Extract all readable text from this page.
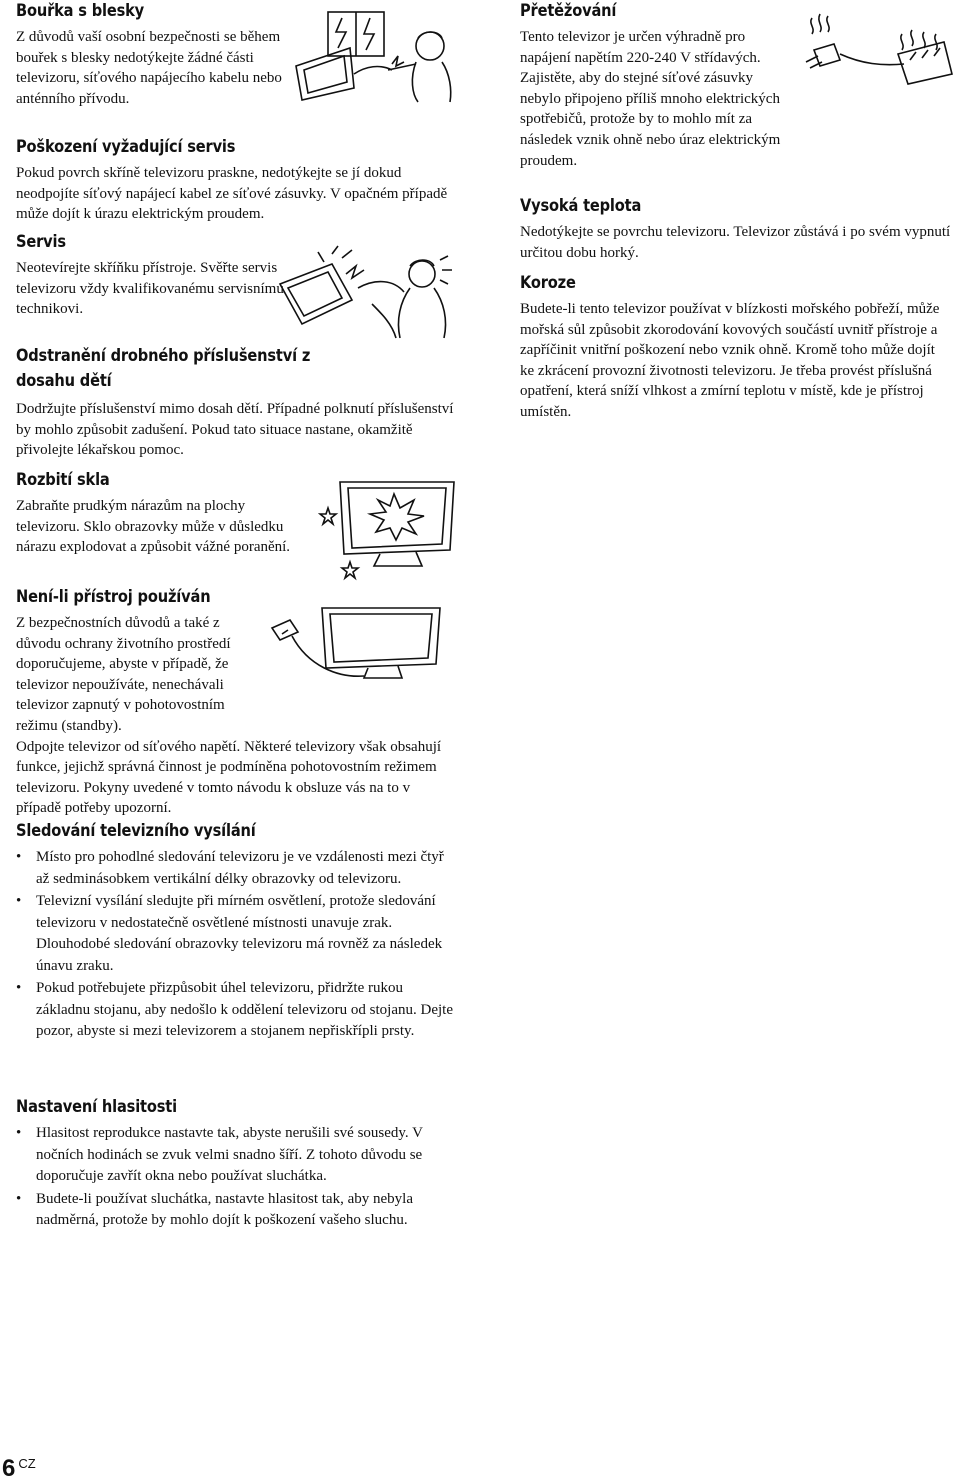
Bouřka s blesky

Z důvodů vaší osobní bezpečnosti se během bouřek s blesky nedotýkejte žádné části televizoru, síťového napájecího kabelu nebo anténního přívodu.

Poškození vyžadující servis

Pokud povrch skříně televizoru praskne, nedotýkejte se jí dokud neodpojíte síťový napájecí kabel ze síťové zásuvky. V opačném případě může dojít k úrazu elektrickým proudem.

Servis

Neotevírejte skříňku přístroje. Svěřte servis televizoru vždy kvalifikovanému servisnímu technikovi.

Odstranění drobného příslušenství z dosahu dětí

Dodržujte příslušenství mimo dosah dětí. Případné polknutí příslušenství by mohlo způsobit zadušení. Pokud tato situace nastane, okamžitě přivolejte lékařskou pomoc.

Rozbití skla

Zabraňte prudkým nárazům na plochy televizoru. Sklo obrazovky může v důsledku nárazu explodovat a způsobit vážné poranění.

Není-li přístroj používán

Z bezpečnostních důvodů a také z důvodu ochrany životního prostředí doporučujeme, abyste v případě, že televizor nepoužíváte, nenechávali televizor zapnutý v pohotovostním režimu (standby).

Odpojte televizor od síťového napětí. Některé televizory však obsahují funkce, jejichž správná činnost je podmíněna pohotovostním režimem televizoru. Pokyny uvedené v tomto návodu k obsluze vás na to v případě potřeby upozorní.

Sledování televizního vysílání
• Místo pro pohodlné sledování televizoru je ve vzdálenosti mezi čtyř až sedminásobkem vertikální délky obrazovky od televizoru.
• Televizní vysílání sledujte při mírném osvětlení, protože sledování televizoru v nedostatečně osvětlené místnosti unavuje zrak. Dlouhodobé sledování obrazovky televizoru má rovněž za následek únavu zraku.
• Pokud potřebujete přizpůsobit úhel televizoru, přidržte rukou základnu stojanu, aby nedošlo k oddělení televizoru od stojanu. Dejte pozor, abyste si mezi televizorem a stojanem nepřiskřípli prsty.
Nastavení hlasitosti
• Hlasitost reprodukce nastavte tak, abyste nerušili své sousedy. V nočních hodinách se zvuk velmi snadno šíří. Z tohoto důvodu se doporučuje zavřít okna nebo používat sluchátka.
• Budete-li používat sluchátka, nastavte hlasitost tak, aby nebyla nadměrná, protože by mohlo dojít k poškození vašeho sluchu.
Přetěžování

Tento televizor je určen výhradně pro napájení napětím 220-240 V střídavých. Zajistěte, aby do stejné síťové zásuvky nebylo připojeno příliš mnoho elektrických spotřebičů, protože by to mohlo mít za následek vznik ohně nebo úraz elektrickým proudem.

Vysoká teplota

Nedotýkejte se povrchu televizoru. Televizor zůstává i po svém vypnutí určitou dobu horký.

Koroze

Budete-li tento televizor používat v blízkosti mořského pobřeží, může mořská sůl způsobit zkorodování kovových součástí uvnitř přístroje a zapříčinit vnitřní poškození nebo vznik ohně. Kromě toho může dojít ke zkrácení provozní životnosti televizoru. Je třeba provést příslušná opatření, která sníží vlhkost a zmírní teplotu v místě, kde je přístroj umístěn.

6 $^{CZ}$
